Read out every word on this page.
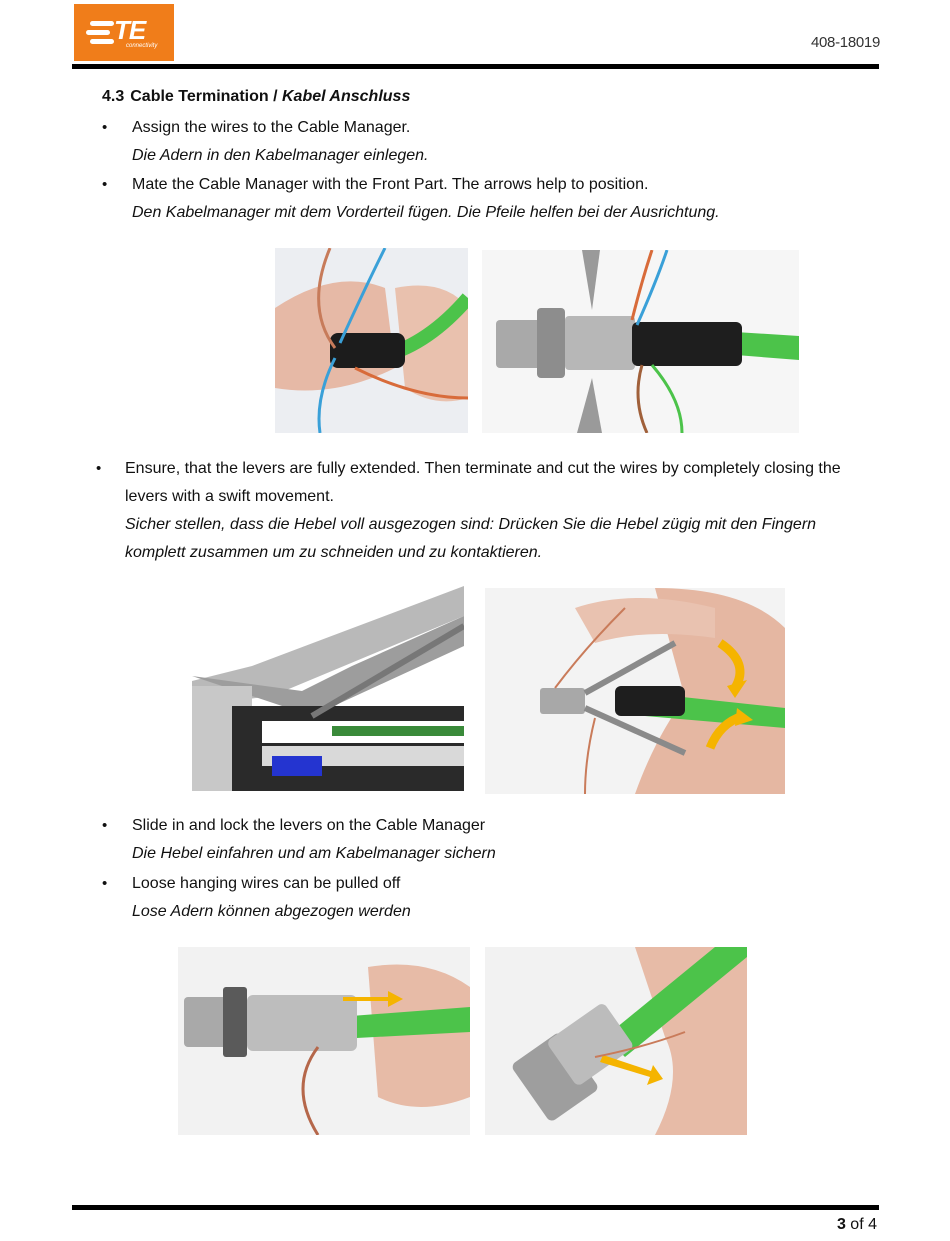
TE
connectivity	408-18019
4.3 Cable Termination / Kabel Anschluss
• Assign the wires to the Cable Manager.
Die Adern in den Kabelmanager einlegen.
• Mate the Cable Manager with the Front Part. The arrows help to position.
Den Kabelmanager mit dem Vorderteil fügen. Die Pfeile helfen bei der Ausrichtung.
• Ensure, that the levers are fully extended. Then terminate and cut the wires by completely closing the
levers with a swift movement.
Sicher stellen, dass die Hebel voll ausgezogen sind: Drücken Sie die Hebel zügig mit den Fingern
komplett zusammen um zu schneiden und zu kontaktieren.
• Slide in and lock the levers on the Cable Manager
Die Hebel einfahren und am Kabelmanager sichern
• Loose hanging wires can be pulled off
Lose Adern können abgezogen werden
3 of 4
